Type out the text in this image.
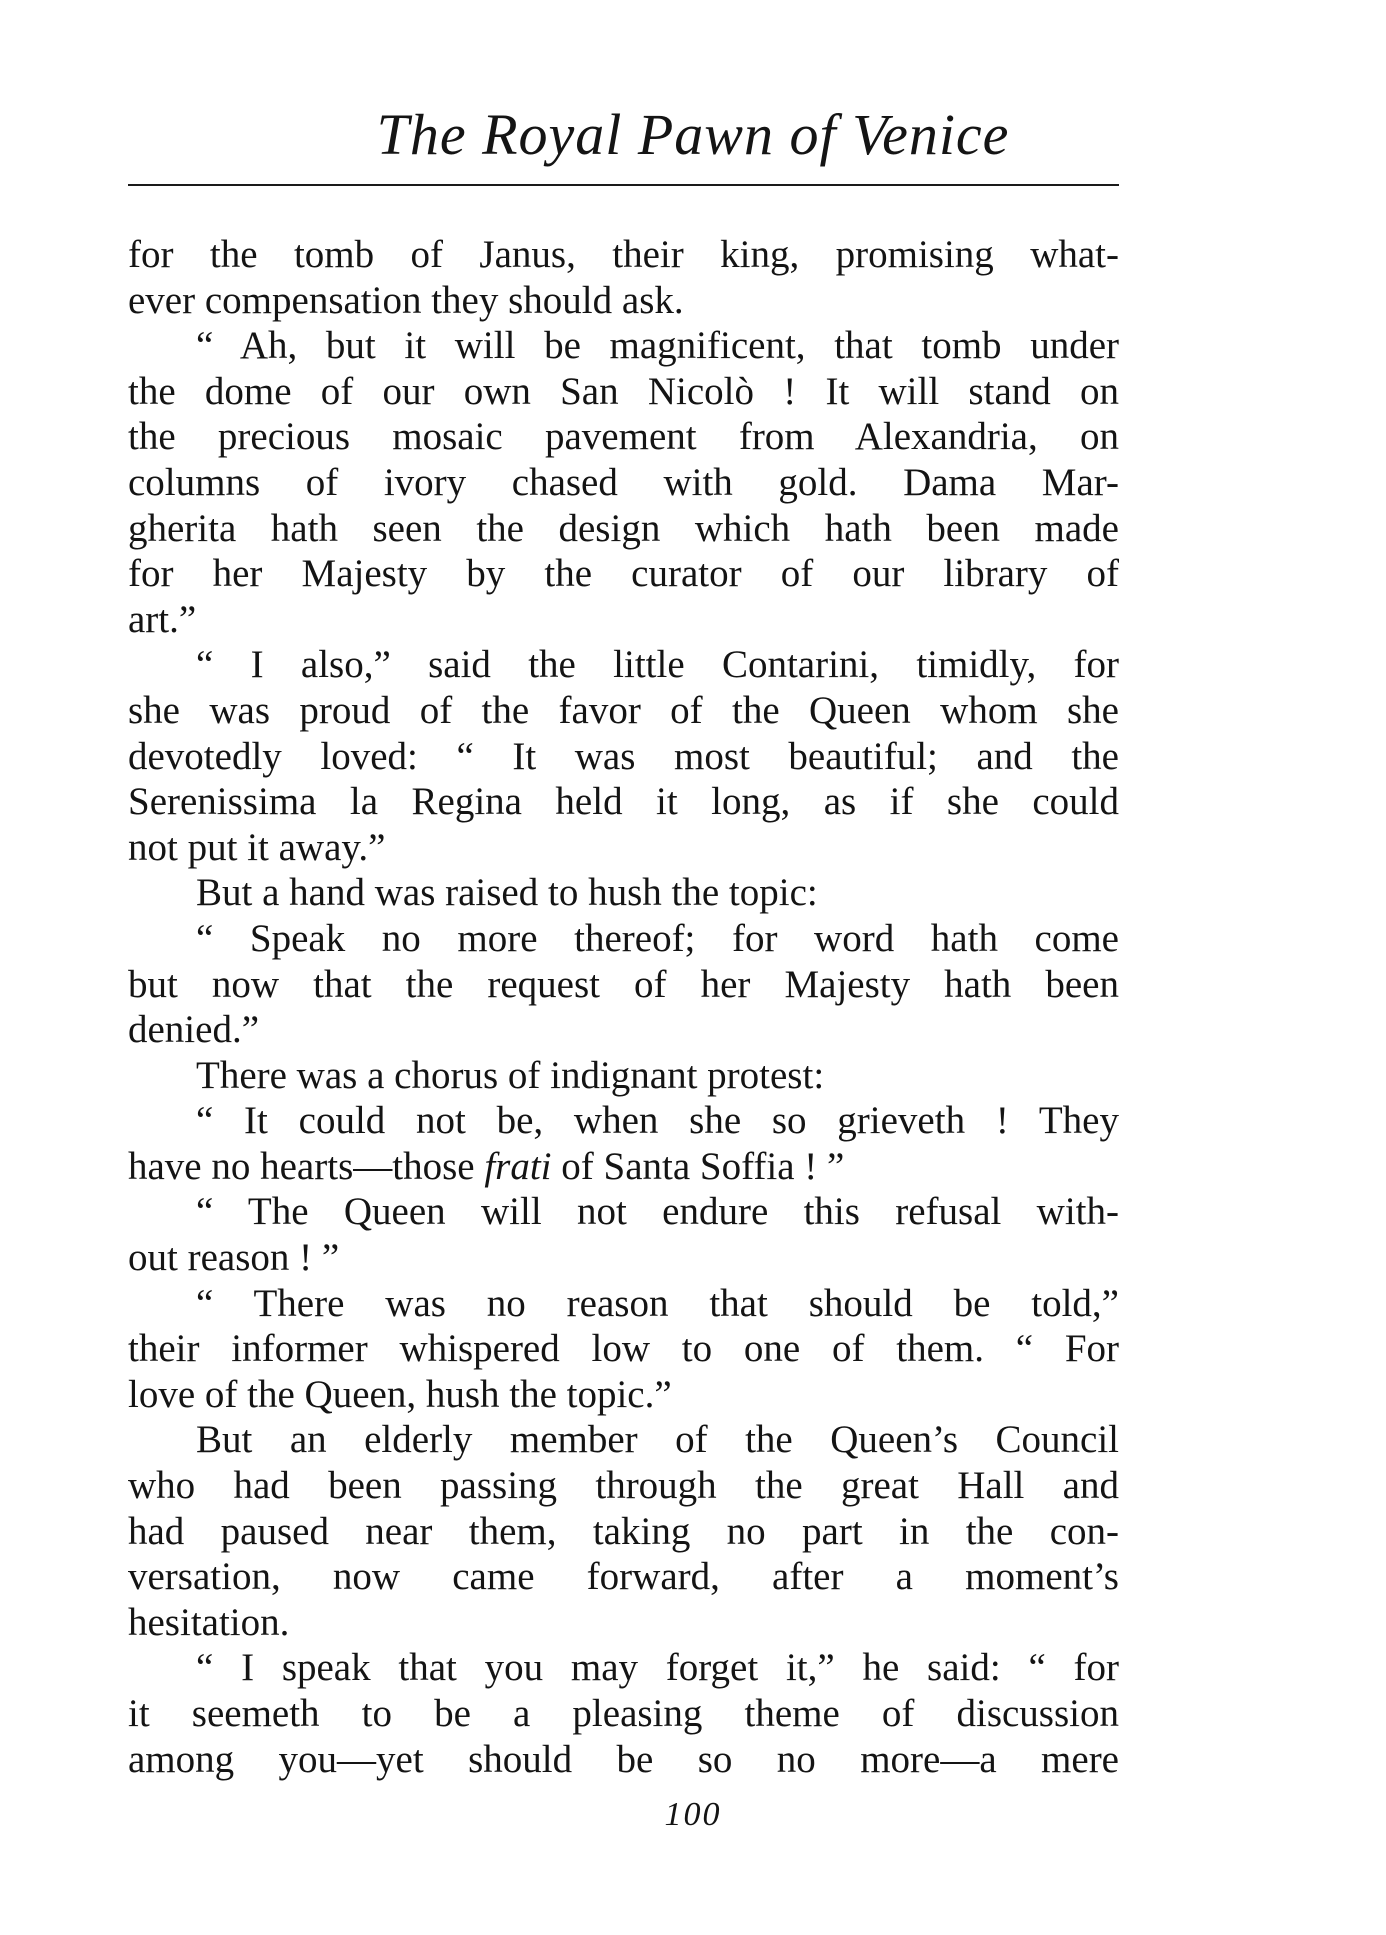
The Royal Pawn of Venice
for the tomb of Janus, their king, promising what-
ever compensation they should ask.
“ Ah, but it will be magnificent, that tomb under
the dome of our own San Nicolò ! It will stand on
the precious mosaic pavement from Alexandria, on
columns of ivory chased with gold. Dama Mar-
gherita hath seen the design which hath been made
for her Majesty by the curator of our library of
art.”
“ I also,” said the little Contarini, timidly, for
she was proud of the favor of the Queen whom she
devotedly loved: “ It was most beautiful; and the
Serenissima la Regina held it long, as if she could
not put it away.”
But a hand was raised to hush the topic:
“ Speak no more thereof; for word hath come
but now that the request of her Majesty hath been
denied.”
There was a chorus of indignant protest:
“ It could not be, when she so grieveth ! They
have no hearts—those frati of Santa Soffia ! ”
“ The Queen will not endure this refusal with-
out reason ! ”
“ There was no reason that should be told,”
their informer whispered low to one of them. “ For
love of the Queen, hush the topic.”
But an elderly member of the Queen’s Council
who had been passing through the great Hall and
had paused near them, taking no part in the con-
versation, now came forward, after a moment’s
hesitation.
“ I speak that you may forget it,” he said: “ for
it seemeth to be a pleasing theme of discussion
among you—yet should be so no more—a mere
100
